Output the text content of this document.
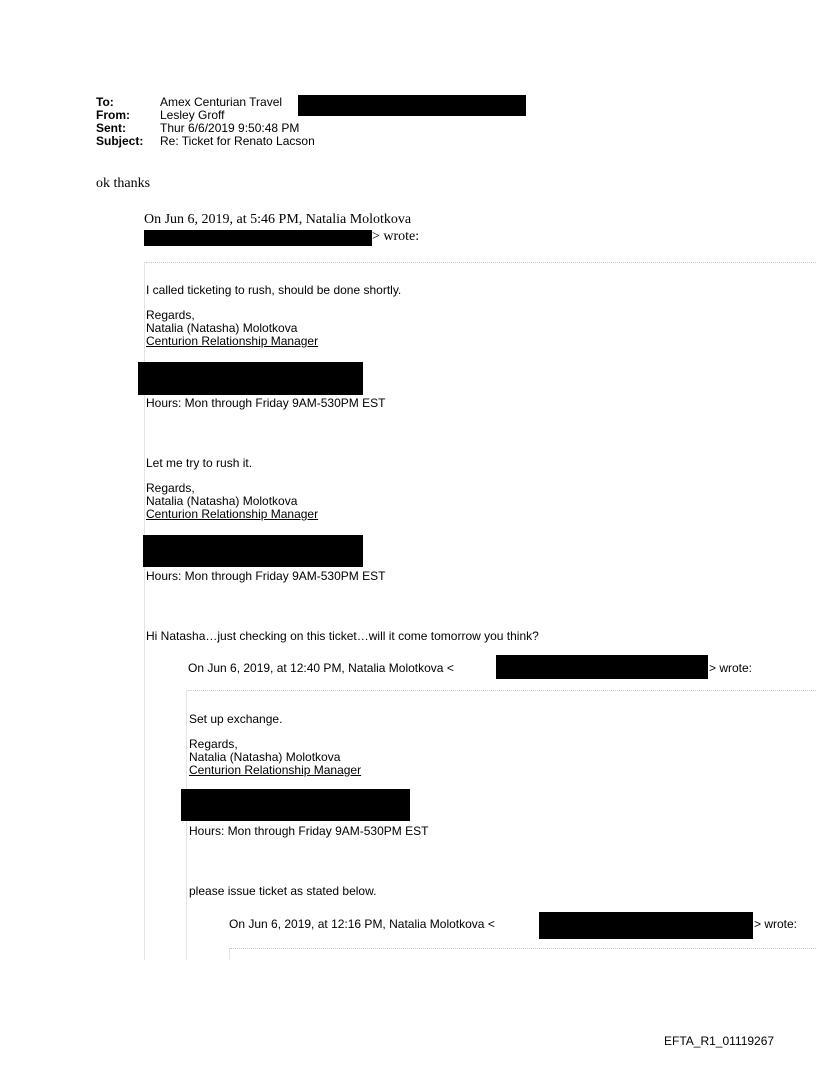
To:	Amex Centurian Travel
From:	Lesley Groff
Sent:	Thur 6/6/2019 9:50:48 PM
Subject:	Re: Ticket for Renato Lacson
ok thanks
On Jun 6, 2019, at 5:46 PM, Natalia Molotkova
> wrote:

I called ticketing to rush, should be done shortly.

Regards,

Natalia (Natasha) Molotkova

Centurion Relationship Manager

Hours: Mon through Friday 9AM-530PM EST

Let me try to rush it.

Regards,

Natalia (Natasha) Molotkova

Centurion Relationship Manager

Hours: Mon through Friday 9AM-530PM EST
Hi Natasha…just checking on this ticket…will it come tomorrow you think?
On Jun 6, 2019, at 12:40 PM, Natalia Molotkova <	> wrote:

Set up exchange.

Regards,

Natalia (Natasha) Molotkova

Centurion Relationship Manager

Hours: Mon through Friday 9AM-530PM EST
please issue ticket as stated below.
On Jun 6, 2019, at 12:16 PM, Natalia Molotkova <	> wrote:
EFTA_R1_01119267
